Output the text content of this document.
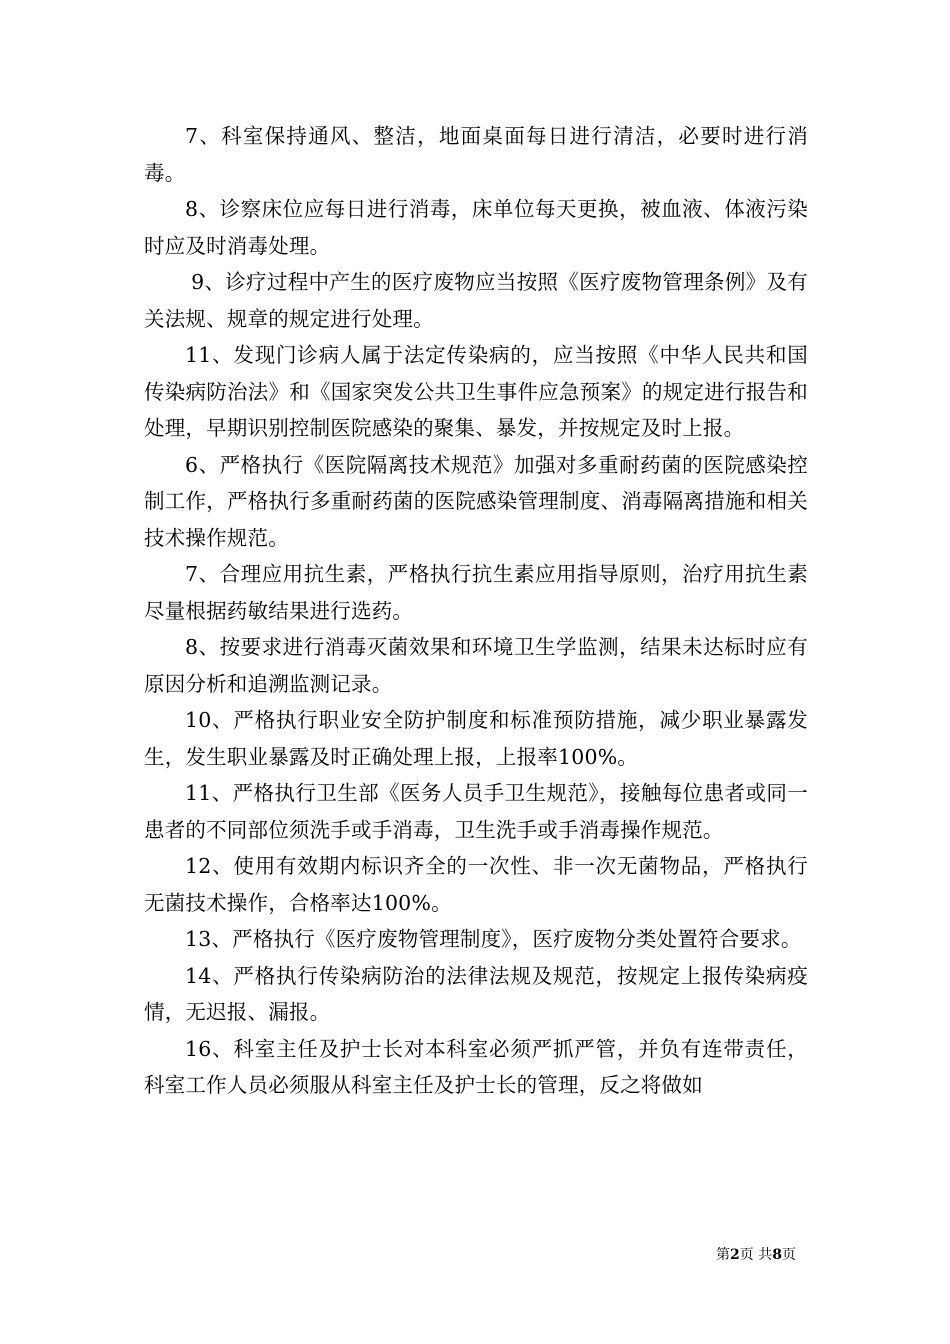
7、科室保持通风、整洁，地面桌面每日进行清洁，必要时进行消毒。

8、诊察床位应每日进行消毒，床单位每天更换，被血液、体液污染时应及时消毒处理。

9、诊疗过程中产生的医疗废物应当按照《医疗废物管理条例》及有关法规、规章的规定进行处理。

11、发现门诊病人属于法定传染病的，应当按照《中华人民共和国传染病防治法》和《国家突发公共卫生事件应急预案》的规定进行报告和处理，早期识别控制医院感染的聚集、暴发，并按规定及时上报。

6、严格执行《医院隔离技术规范》加强对多重耐药菌的医院感染控制工作，严格执行多重耐药菌的医院感染管理制度、消毒隔离措施和相关技术操作规范。

7、合理应用抗生素，严格执行抗生素应用指导原则，治疗用抗生素尽量根据药敏结果进行选药。

8、按要求进行消毒灭菌效果和环境卫生学监测，结果未达标时应有原因分析和追溯监测记录。

10、严格执行职业安全防护制度和标准预防措施，减少职业暴露发生，发生职业暴露及时正确处理上报，上报率100%。

11、严格执行卫生部《医务人员手卫生规范》，接触每位患者或同一患者的不同部位须洗手或手消毒，卫生洗手或手消毒操作规范。

12、使用有效期内标识齐全的一次性、非一次无菌物品，严格执行无菌技术操作，合格率达100%。

13、严格执行《医疗废物管理制度》，医疗废物分类处置符合要求。

14、严格执行传染病防治的法律法规及规范，按规定上报传染病疫情，无迟报、漏报。

16、科室主任及护士长对本科室必须严抓严管，并负有连带责任，科室工作人员必须服从科室主任及护士长的管理，反之将做如

第2页 共8页
